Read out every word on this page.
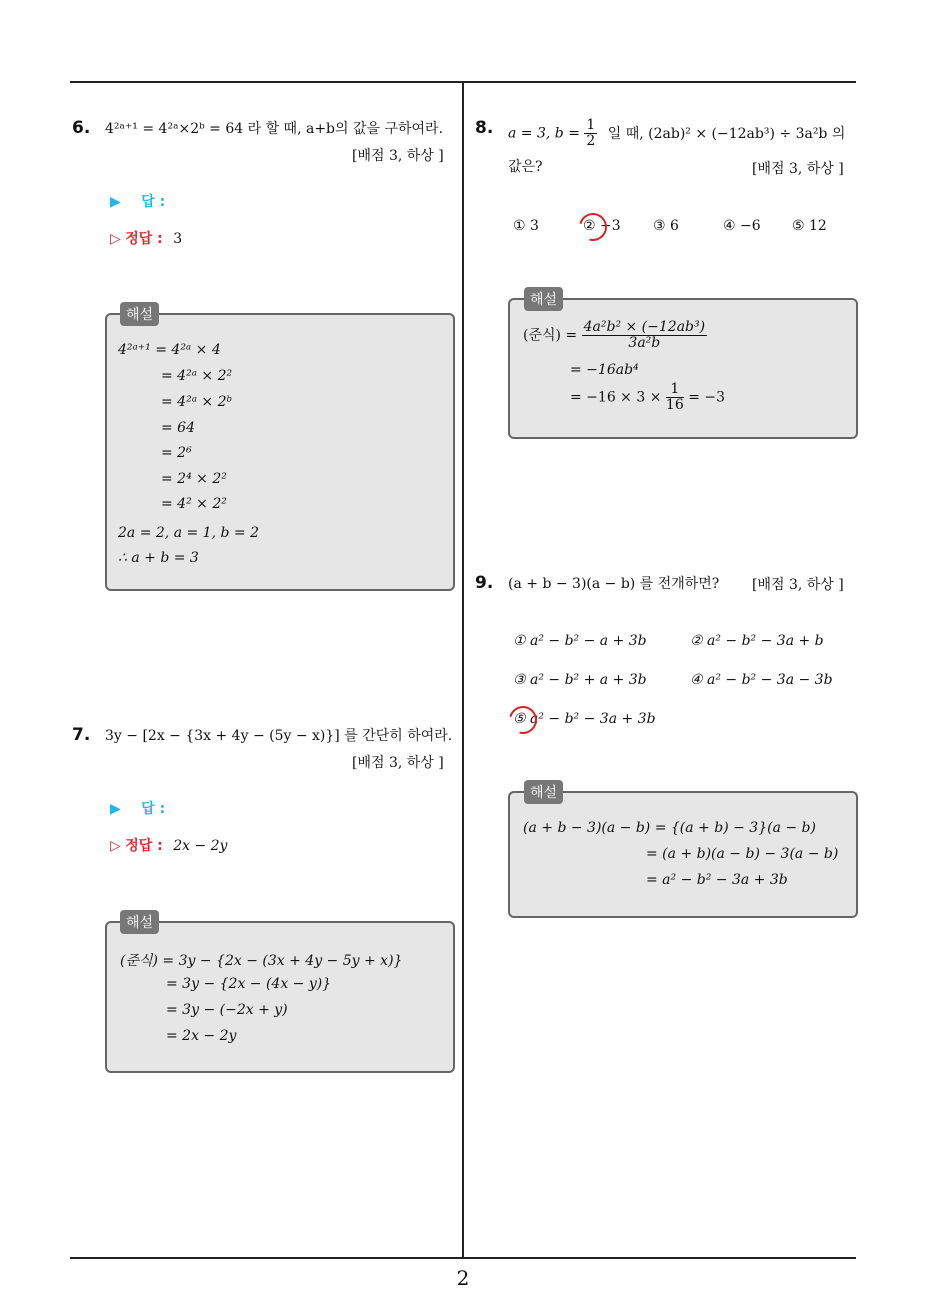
6. 4²ᵃ⁺¹ = 4²ᵃ×2ᵇ = 64 라 할 때, a+b의 값을 구하여라.
[배점 3, 하상 ]
▶ 답 :
▷ 정답 : 3
해설
4²ᵃ⁺¹ = 4²ᵃ × 4
= 4²ᵃ × 2²
= 4²ᵃ × 2ᵇ
= 64
= 2⁶
= 2⁴ × 2²
= 4² × 2²
2a = 2, a = 1, b = 2
∴ a + b = 3
7. 3y − [2x − {3x + 4y − (5y − x)}] 를 간단히 하여라.
[배점 3, 하상 ]
▶ 답 :
▷ 정답 : 2x − 2y
해설
(준식) = 3y − {2x − (3x + 4y − 5y + x)}
= 3y − {2x − (4x − y)}
= 3y − (−2x + y)
= 2x − 2y
8. a = 3, $b = \frac{1}{2}$ 일 때, (2ab)² × (−12ab³) ÷ 3a²b 의
값은?	[배점 3, 하상 ]
① 3	② −3 ③ 6	④ −6 ⑤ 12
해설
(준식) = $\frac{\text{4a²b² × (−12ab³)}}{\text{3a²b}}$
= −16ab⁴
= $-16 \times 3 \times \frac{1}{16} = -3$
9. (a + b − 3)(a − b) 를 전개하면? [배점 3, 하상 ]
① a² − b² − a + 3b	② a² − b² − 3a + b
③ a² − b² + a + 3b	④ a² − b² − 3a − 3b
⑤ a² − b² − 3a + 3b
해설
(a + b − 3)(a − b) = {(a + b) − 3}(a − b)
= (a + b)(a − b) − 3(a − b)
= a² − b² − 3a + 3b
2
